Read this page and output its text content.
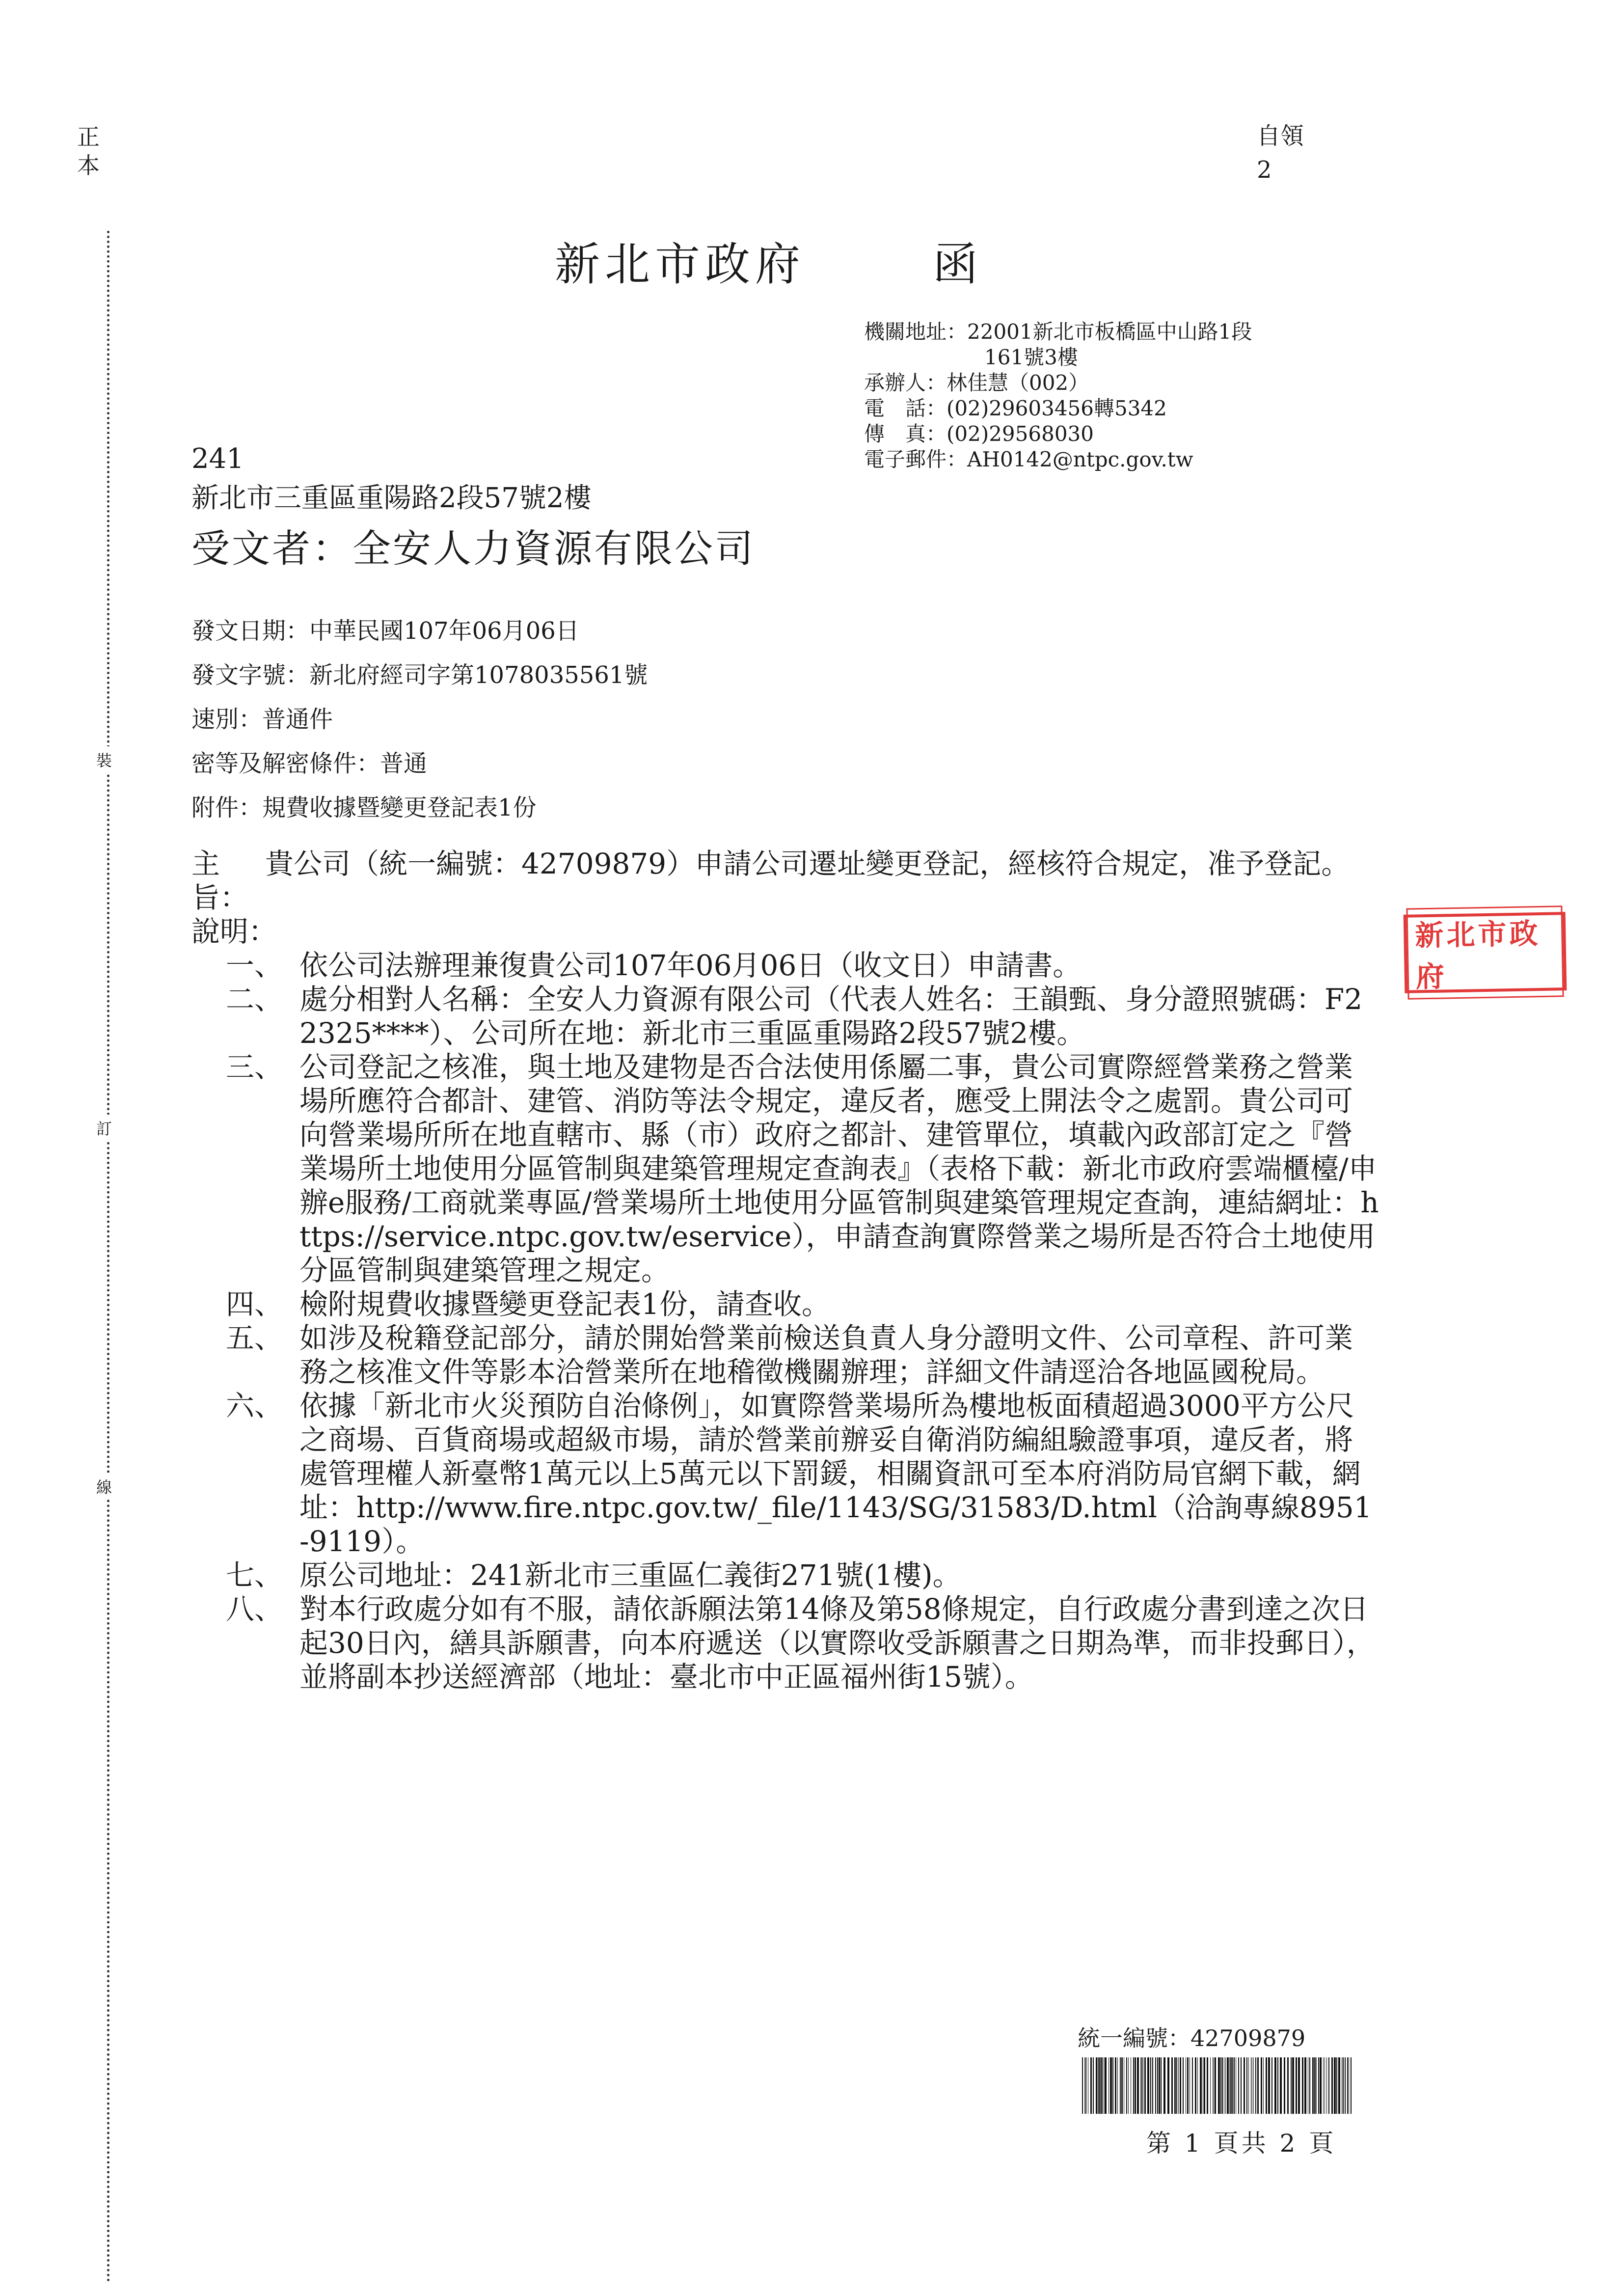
正
本
裝
訂
線
自領
2
新北市政府	函
機關地址：22001新北市板橋區中山路1段
161號3樓
承辦人：林佳慧（002）
電　話：(02)29603456轉5342
傳　真：(02)29568030
電子郵件：AH0142@ntpc.gov.tw
241
新北市三重區重陽路2段57號2樓
受文者：全安人力資源有限公司
發文日期：中華民國107年06月06日
發文字號：新北府經司字第1078035561號
速別：普通件
密等及解密條件：普通
附件：規費收據暨變更登記表1份
主旨：
貴公司（統一編號：42709879）申請公司遷址變更登記，經核符合規定，准予登記。
說明：
一、 依公司法辦理兼復貴公司107年06月06日（收文日）申請書。
二、 處分相對人名稱：全安人力資源有限公司（代表人姓名：王韻甄、身分證照號碼：F22325****）、公司所在地：新北市三重區重陽路2段57號2樓。
三、 公司登記之核准，與土地及建物是否合法使用係屬二事，貴公司實際經營業務之營業場所應符合都計、建管、消防等法令規定，違反者，應受上開法令之處罰。貴公司可向營業場所所在地直轄市、縣（市）政府之都計、建管單位，填載內政部訂定之『營業場所土地使用分區管制與建築管理規定查詢表』（表格下載：新北市政府雲端櫃檯/申辦e服務/工商就業專區/營業場所土地使用分區管制與建築管理規定查詢，連結網址：https://service.ntpc.gov.tw/eservice），申請查詢實際營業之場所是否符合土地使用分區管制與建築管理之規定。
四、 檢附規費收據暨變更登記表1份，請查收。
五、 如涉及稅籍登記部分，請於開始營業前檢送負責人身分證明文件、公司章程、許可業務之核准文件等影本洽營業所在地稽徵機關辦理；詳細文件請逕洽各地區國稅局。
六、 依據「新北市火災預防自治條例」，如實際營業場所為樓地板面積超過3000平方公尺之商場、百貨商場或超級市場，請於營業前辦妥自衛消防編組驗證事項，違反者，將處管理權人新臺幣1萬元以上5萬元以下罰鍰，相關資訊可至本府消防局官網下載，網址：http://www.fire.ntpc.gov.tw/_file/1143/SG/31583/D.html（洽詢專線8951-9119）。
七、 原公司地址：241新北市三重區仁義街271號(1樓)。
八、 對本行政處分如有不服，請依訴願法第14條及第58條規定，自行政處分書到達之次日起30日內，繕具訴願書，向本府遞送（以實際收受訴願書之日期為準，而非投郵日），並將副本抄送經濟部（地址：臺北市中正區福州街15號）。
新北市政府
統一編號：42709879
第 1 頁共 2 頁
